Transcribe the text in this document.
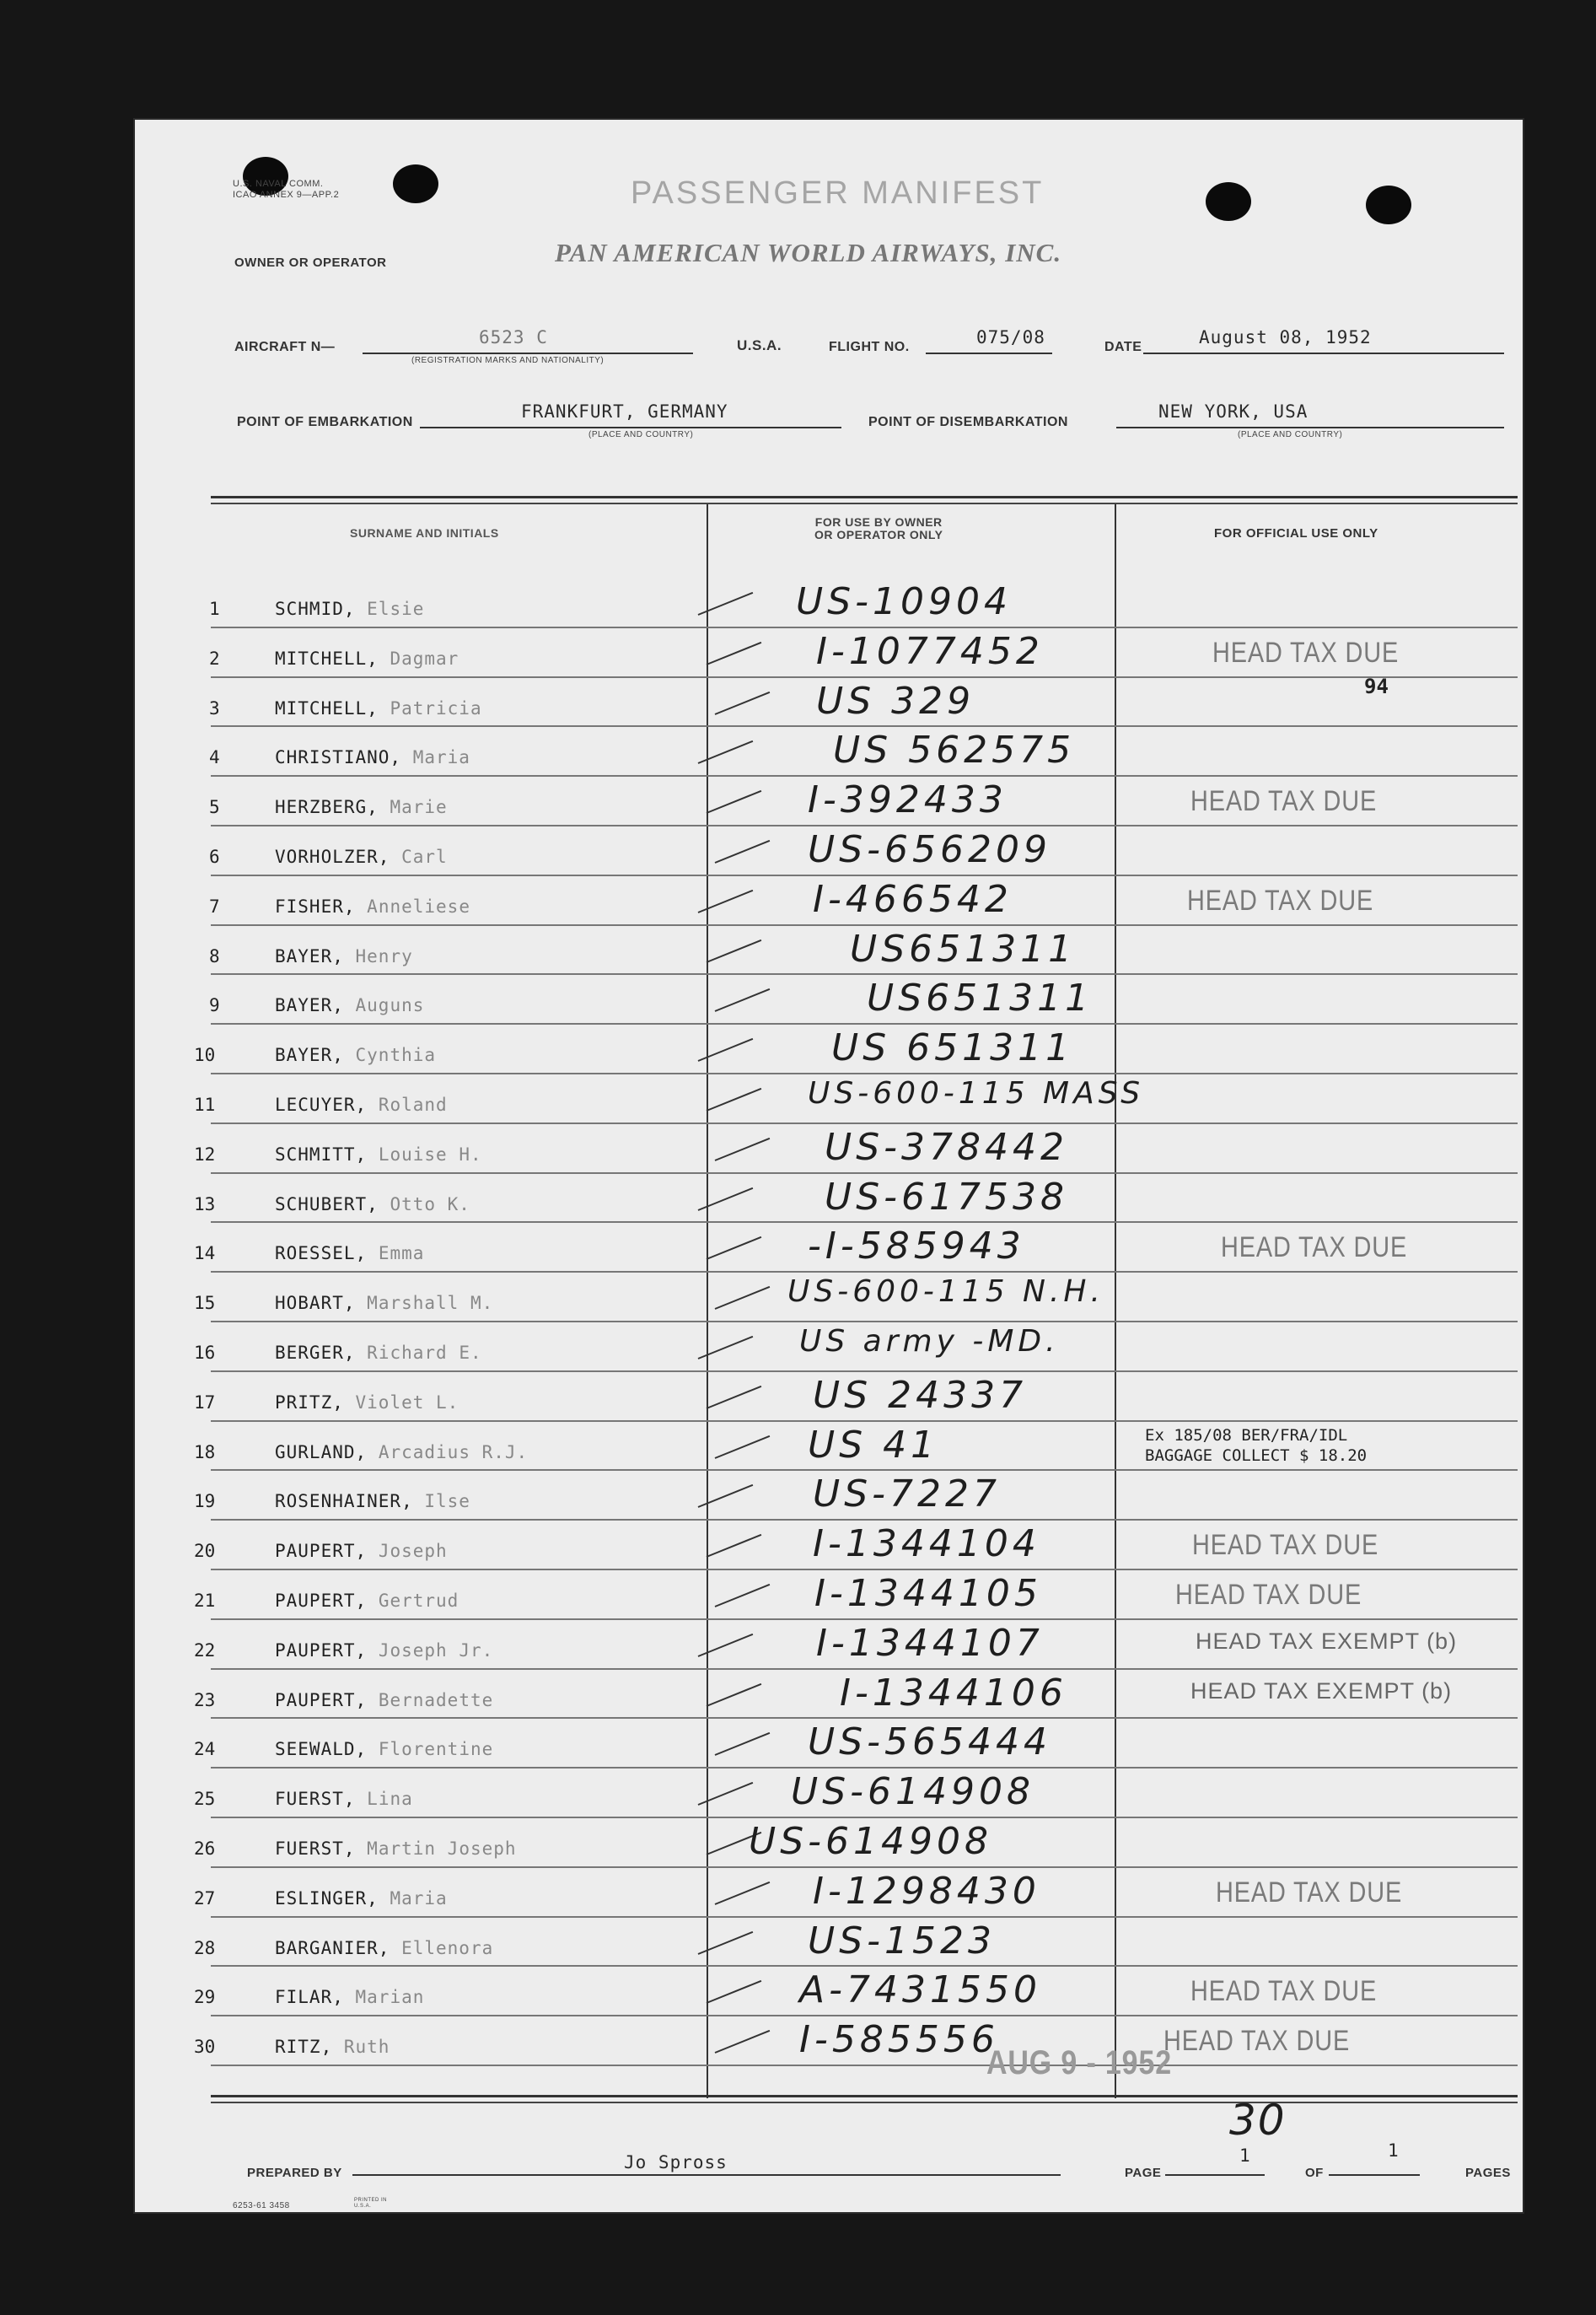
U.S. NAVAL COMM.
ICAO ANNEX 9—APP.2	PASSENGER MANIFEST
OWNER OR OPERATOR	PAN AMERICAN WORLD AIRWAYS, INC.
AIRCRAFT N—	6523 C
(REGISTRATION MARKS AND NATIONALITY)
U.S.A.	FLIGHT NO.	075/08	DATE	August 08, 1952
POINT OF EMBARKATION
FRANKFURT, GERMANY
(PLACE AND COUNTRY)
POINT OF DISEMBARKATION
NEW YORK, USA
(PLACE AND COUNTRY)
SURNAME AND INITIALS
FOR USE BY OWNER
OR OPERATOR ONLY	FOR OFFICIAL USE ONLY
1	SCHMID, Elsie	US-10904
2	MITCHELL, Dagmar	I-1077452	HEAD TAX DUE
3	MITCHELL, Patricia	US 329	94
4	CHRISTIANO, Maria	US 562575
5	HERZBERG, Marie	I-392433	HEAD TAX DUE
6	VORHOLZER, Carl	US-656209
7	FISHER, Anneliese	I-466542	HEAD TAX DUE
8	BAYER, Henry	US651311
9	BAYER, Auguns	US651311
10	BAYER, Cynthia	US 651311
11	LECUYER, Roland	US-600-115 MASS
12	SCHMITT, Louise H.	US-378442
13	SCHUBERT, Otto K.	US-617538
14	ROESSEL, Emma	-I-585943	HEAD TAX DUE
15	HOBART, Marshall M.	US-600-115 N.H.
16	BERGER, Richard E.	US army -MD.
17	PRITZ, Violet L.	US 24337
18	GURLAND, Arcadius R.J.	US 41	Ex 185/08 BER/FRA/IDL
BAGGAGE COLLECT $ 18.20
19	ROSENHAINER, Ilse	US-7227
20	PAUPERT, Joseph	I-1344104	HEAD TAX DUE
21	PAUPERT, Gertrud	I-1344105	HEAD TAX DUE
22	PAUPERT, Joseph Jr.	I-1344107	HEAD TAX EXEMPT (b)
23	PAUPERT, Bernadette	I-1344106	HEAD TAX EXEMPT (b)
24	SEEWALD, Florentine	US-565444
25	FUERST, Lina	US-614908
26	FUERST, Martin Joseph	US-614908
27	ESLINGER, Maria	I-1298430	HEAD TAX DUE
28	BARGANIER, Ellenora	US-1523
29	FILAR, Marian	A-7431550	HEAD TAX DUE
30	RITZ, Ruth	I-585556	HEAD TAX DUE
AUG 9 - 1952
30
PREPARED BY
Jo Spross
PAGE
1
OF
1
PAGES
6253-61 3458
PRINTED IN U.S.A.
